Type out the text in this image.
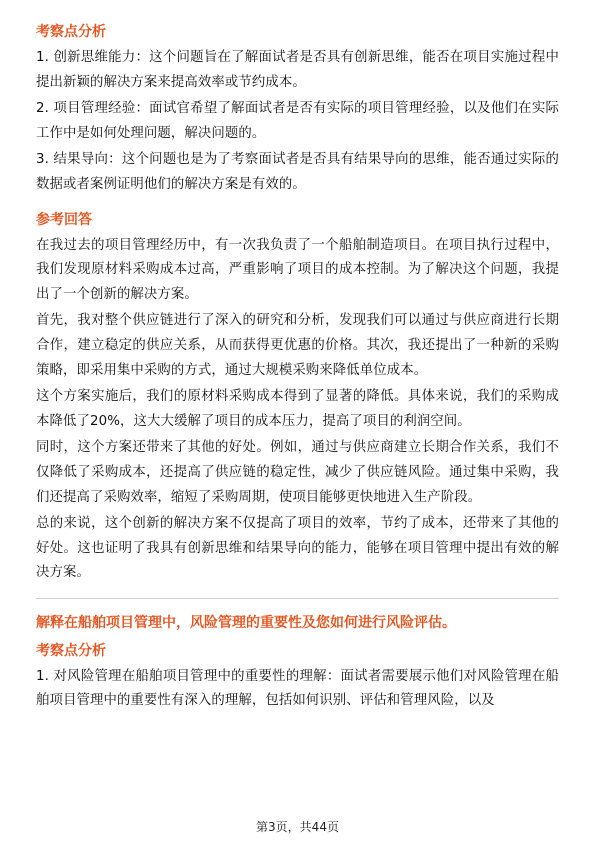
考察点分析

1. 创新思维能力：这个问题旨在了解面试者是否具有创新思维，能否在项目实施过程中提出新颖的解决方案来提高效率或节约成本。

2. 项目管理经验：面试官希望了解面试者是否有实际的项目管理经验，以及他们在实际工作中是如何处理问题，解决问题的。

3. 结果导向：这个问题也是为了考察面试者是否具有结果导向的思维，能否通过实际的数据或者案例证明他们的解决方案是有效的。

参考回答

在我过去的项目管理经历中，有一次我负责了一个船舶制造项目。在项目执行过程中，我们发现原材料采购成本过高，严重影响了项目的成本控制。为了解决这个问题，我提出了一个创新的解决方案。

首先，我对整个供应链进行了深入的研究和分析，发现我们可以通过与供应商进行长期合作，建立稳定的供应关系，从而获得更优惠的价格。其次，我还提出了一种新的采购策略，即采用集中采购的方式，通过大规模采购来降低单位成本。

这个方案实施后，我们的原材料采购成本得到了显著的降低。具体来说，我们的采购成本降低了20%，这大大缓解了项目的成本压力，提高了项目的利润空间。

同时，这个方案还带来了其他的好处。例如，通过与供应商建立长期合作关系，我们不仅降低了采购成本，还提高了供应链的稳定性，减少了供应链风险。通过集中采购，我们还提高了采购效率，缩短了采购周期，使项目能够更快地进入生产阶段。

总的来说，这个创新的解决方案不仅提高了项目的效率，节约了成本，还带来了其他的好处。这也证明了我具有创新思维和结果导向的能力，能够在项目管理中提出有效的解决方案。

解释在船舶项目管理中，风险管理的重要性及您如何进行风险评估。
考察点分析

1. 对风险管理在船舶项目管理中的重要性的理解：面试者需要展示他们对风险管理在船舶项目管理中的重要性有深入的理解，包括如何识别、评估和管理风险，以及

第3页，共44页
